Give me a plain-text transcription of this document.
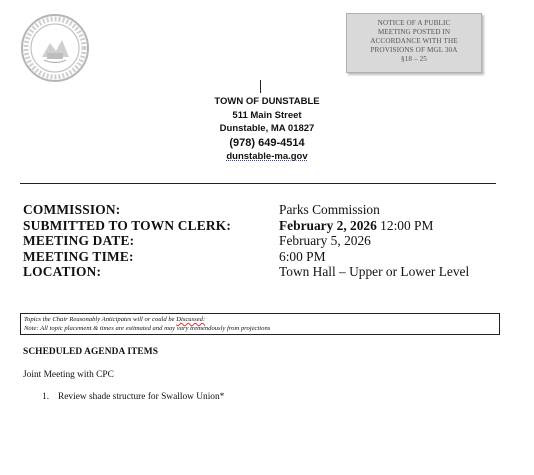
NOTICE OF A PUBLIC
MEETING POSTED IN
ACCORDANCE WITH THE
PROVISIONS OF MGL 30A
§18 – 25
TOWN OF DUNSTABLE
511 Main Street
Dunstable, MA 01827
(978) 649-4514
dunstable-ma.gov
COMMISSION:	Parks Commission
SUBMITTED TO TOWN CLERK:	February 2, 2026 12:00 PM
MEETING DATE:	February 5, 2026
MEETING TIME:	6:00 PM
LOCATION:	Town Hall – Upper or Lower Level
Topics the Chair Reasonably Anticipates will or could be Discussed:
Note: All topic placement & times are estimated and may vary tremendously from projections
SCHEDULED AGENDA ITEMS
Joint Meeting with CPC
1. Review shade structure for Swallow Union*
